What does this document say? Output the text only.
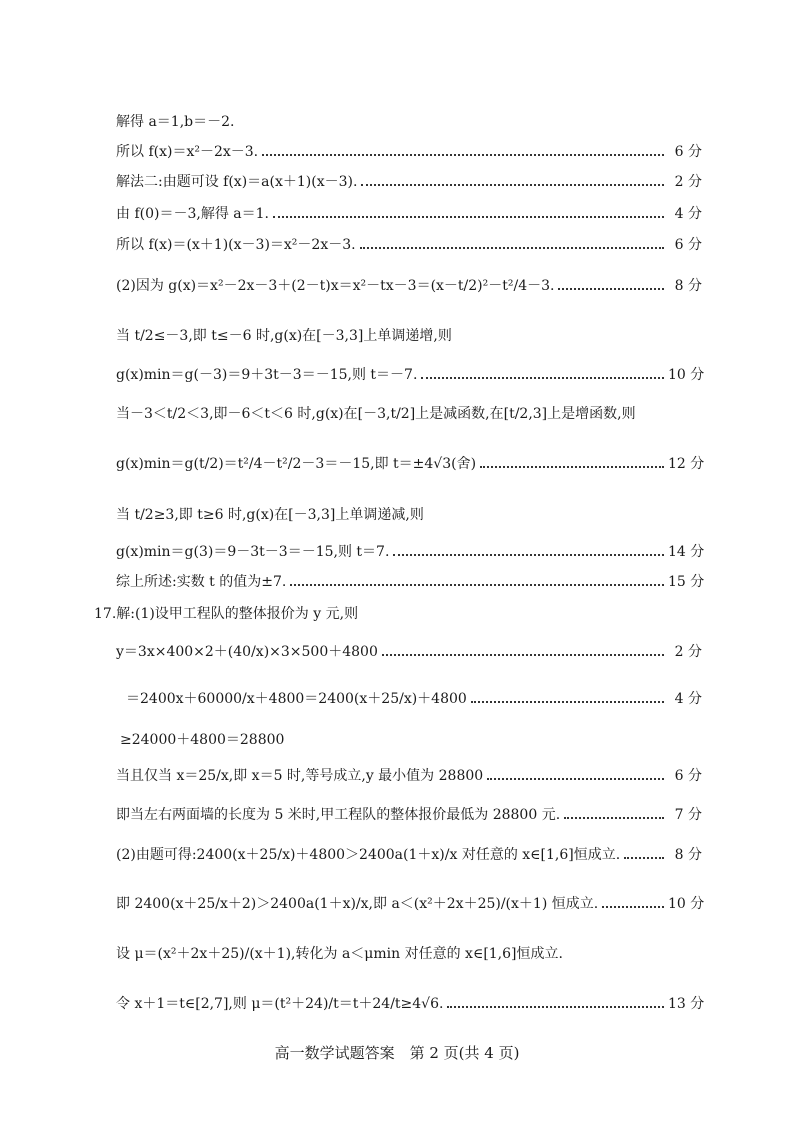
解得 a＝1,b＝－2.
所以 f(x)＝x²－2x－3.	6 分
解法二:由题可设 f(x)＝a(x＋1)(x－3).	2 分
由 f(0)＝－3,解得 a＝1.	4 分
所以 f(x)＝(x＋1)(x－3)＝x²－2x－3.	6 分
(2)因为 g(x)＝x²－2x－3＋(2－t)x＝x²－tx－3＝(x－t/2)²－t²/4－3.	8 分
当 t/2≤－3,即 t≤－6 时,g(x)在[－3,3]上单调递增,则
g(x)min＝g(－3)＝9＋3t－3＝－15,则 t＝－7.	10 分
当－3＜t/2＜3,即－6＜t＜6 时,g(x)在[－3,t/2]上是减函数,在[t/2,3]上是增函数,则
g(x)min＝g(t/2)＝t²/4－t²/2－3＝－15,即 t＝±4√3(舍)	12 分
当 t/2≥3,即 t≥6 时,g(x)在[－3,3]上单调递减,则
g(x)min＝g(3)＝9－3t－3＝－15,则 t＝7.	14 分
综上所述:实数 t 的值为±7.	15 分
17.解:(1)设甲工程队的整体报价为 y 元,则
y＝3x×400×2＋(40/x)×3×500＋4800	2 分
＝2400x＋60000/x＋4800＝2400(x＋25/x)＋4800	4 分
≥24000＋4800＝28800
当且仅当 x＝25/x,即 x＝5 时,等号成立,y 最小值为 28800	6 分
即当左右两面墙的长度为 5 米时,甲工程队的整体报价最低为 28800 元.	7 分
(2)由题可得:2400(x＋25/x)＋4800＞2400a(1＋x)/x 对任意的 x∈[1,6]恒成立.	8 分
即 2400(x＋25/x＋2)＞2400a(1＋x)/x,即 a＜(x²＋2x＋25)/(x＋1) 恒成立.	10 分
设 μ＝(x²＋2x＋25)/(x＋1),转化为 a＜μmin 对任意的 x∈[1,6]恒成立.
令 x＋1＝t∈[2,7],则 μ＝(t²＋24)/t＝t＋24/t≥4√6.	13 分
高一数学试题答案　第 2 页(共 4 页)
